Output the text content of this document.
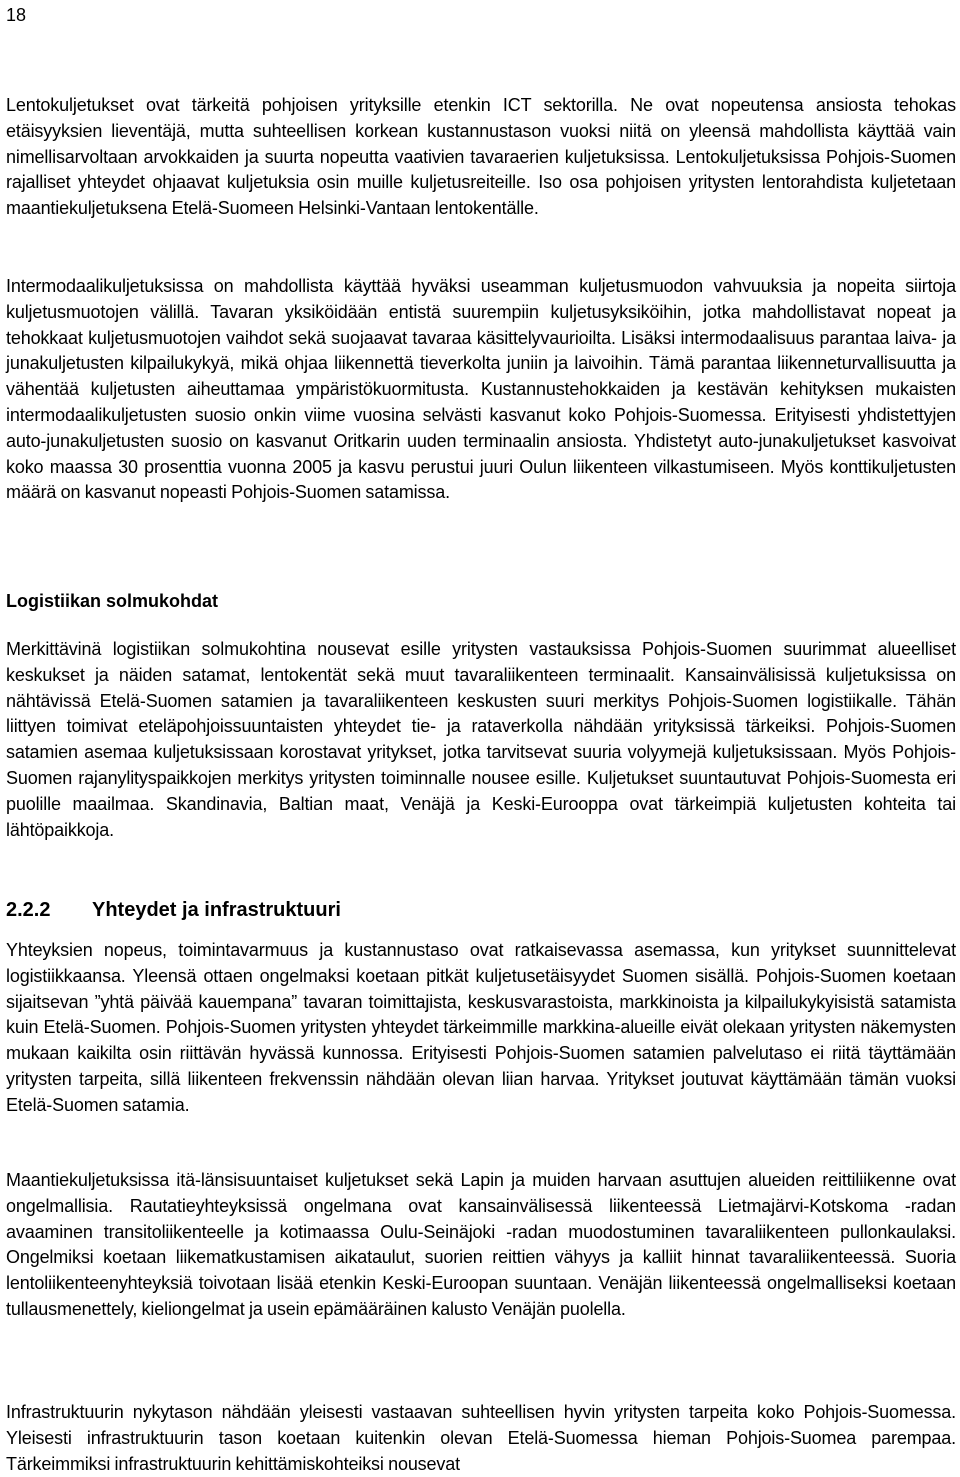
18

Lentokuljetukset ovat tärkeitä pohjoisen yrityksille etenkin ICT sektorilla. Ne ovat nopeutensa ansiosta tehokas etäisyyksien lieventäjä, mutta suhteellisen korkean kustannustason vuoksi niitä on yleensä mahdollista käyttää vain nimellisarvoltaan arvokkaiden ja suurta nopeutta vaativien tavaraerien kuljetuksissa. Lentokuljetuksissa Pohjois-Suomen rajalliset yhteydet ohjaavat kuljetuksia osin muille kuljetusreiteille. Iso osa pohjoisen yritysten lentorahdista kuljetetaan maantiekuljetuksena Etelä-Suomeen Helsinki-Vantaan lentokentälle.

Intermodaalikuljetuksissa on mahdollista käyttää hyväksi useamman kuljetusmuodon vahvuuksia ja nopeita siirtoja kuljetusmuotojen välillä. Tavaran yksiköidään entistä suurempiin kuljetusyksiköihin, jotka mahdollistavat nopeat ja tehokkaat kuljetusmuotojen vaihdot sekä suojaavat tavaraa käsittelyvaurioilta. Lisäksi intermodaalisuus parantaa laiva- ja junakuljetusten kilpailukykyä, mikä ohjaa liikennettä tieverkolta juniin ja laivoihin. Tämä parantaa liikenneturvallisuutta ja vähentää kuljetusten aiheuttamaa ympäristökuormitusta. Kustannustehokkaiden ja kestävän kehityksen mukaisten intermodaalikuljetusten suosio onkin viime vuosina selvästi kasvanut koko Pohjois-Suomessa. Erityisesti yhdistettyjen auto-junakuljetusten suosio on kasvanut Oritkarin uuden terminaalin ansiosta. Yhdistetyt auto-junakuljetukset kasvoivat koko maassa 30 prosenttia vuonna 2005 ja kasvu perustui juuri Oulun liikenteen vilkastumiseen. Myös konttikuljetusten määrä on kasvanut nopeasti Pohjois-Suomen satamissa.

Logistiikan solmukohdat

Merkittävinä logistiikan solmukohtina nousevat esille yritysten vastauksissa Pohjois-Suomen suurimmat alueelliset keskukset ja näiden satamat, lentokentät sekä muut tavaraliikenteen terminaalit. Kansainvälisissä kuljetuksissa on nähtävissä Etelä-Suomen satamien ja tavaraliikenteen keskusten suuri merkitys Pohjois-Suomen logistiikalle. Tähän liittyen toimivat eteläpohjoissuuntaisten yhteydet tie- ja rataverkolla nähdään yrityksissä tärkeiksi. Pohjois-Suomen satamien asemaa kuljetuksissaan korostavat yritykset, jotka tarvitsevat suuria volyymejä kuljetuksissaan. Myös Pohjois-Suomen rajanylityspaikkojen merkitys yritysten toiminnalle nousee esille. Kuljetukset suuntautuvat Pohjois-Suomesta eri puolille maailmaa. Skandinavia, Baltian maat, Venäjä ja Keski-Eurooppa ovat tärkeimpiä kuljetusten kohteita tai lähtöpaikkoja.

2.2.2 Yhteydet ja infrastruktuuri

Yhteyksien nopeus, toimintavarmuus ja kustannustaso ovat ratkaisevassa asemassa, kun yritykset suunnittelevat logistiikkaansa. Yleensä ottaen ongelmaksi koetaan pitkät kuljetusetäisyydet Suomen sisällä. Pohjois-Suomen koetaan sijaitsevan ”yhtä päivää kauempana” tavaran toimittajista, keskusvarastoista, markkinoista ja kilpailukykyisistä satamista kuin Etelä-Suomen. Pohjois-Suomen yritysten yhteydet tärkeimmille markkina-alueille eivät olekaan yritysten näkemysten mukaan kaikilta osin riittävän hyvässä kunnossa. Erityisesti Pohjois-Suomen satamien palvelutaso ei riitä täyttämään yritysten tarpeita, sillä liikenteen frekvenssin nähdään olevan liian harvaa. Yritykset joutuvat käyttämään tämän vuoksi Etelä-Suomen satamia.

Maantiekuljetuksissa itä-länsisuuntaiset kuljetukset sekä Lapin ja muiden harvaan asuttujen alueiden reittiliikenne ovat ongelmallisia. Rautatieyhteyksissä ongelmana ovat kansainvälisessä liikenteessä Lietmajärvi-Kotskoma -radan avaaminen transitoliikenteelle ja kotimaassa Oulu-Seinäjoki -radan muodostuminen tavaraliikenteen pullonkaulaksi. Ongelmiksi koetaan liikematkustamisen aikataulut, suorien reittien vähyys ja kalliit hinnat tavaraliikenteessä. Suoria lentoliikenteenyhteyksiä toivotaan lisää etenkin Keski-Euroopan suuntaan. Venäjän liikenteessä ongelmalliseksi koetaan tullausmenettely, kieliongelmat ja usein epämääräinen kalusto Venäjän puolella.

Infrastruktuurin nykytason nähdään yleisesti vastaavan suhteellisen hyvin yritysten tarpeita koko Pohjois-Suomessa. Yleisesti infrastruktuurin tason koetaan kuitenkin olevan Etelä-Suomessa hieman Pohjois-Suomea parempaa. Tärkeimmiksi infrastruktuurin kehittämiskohteiksi nousevat
